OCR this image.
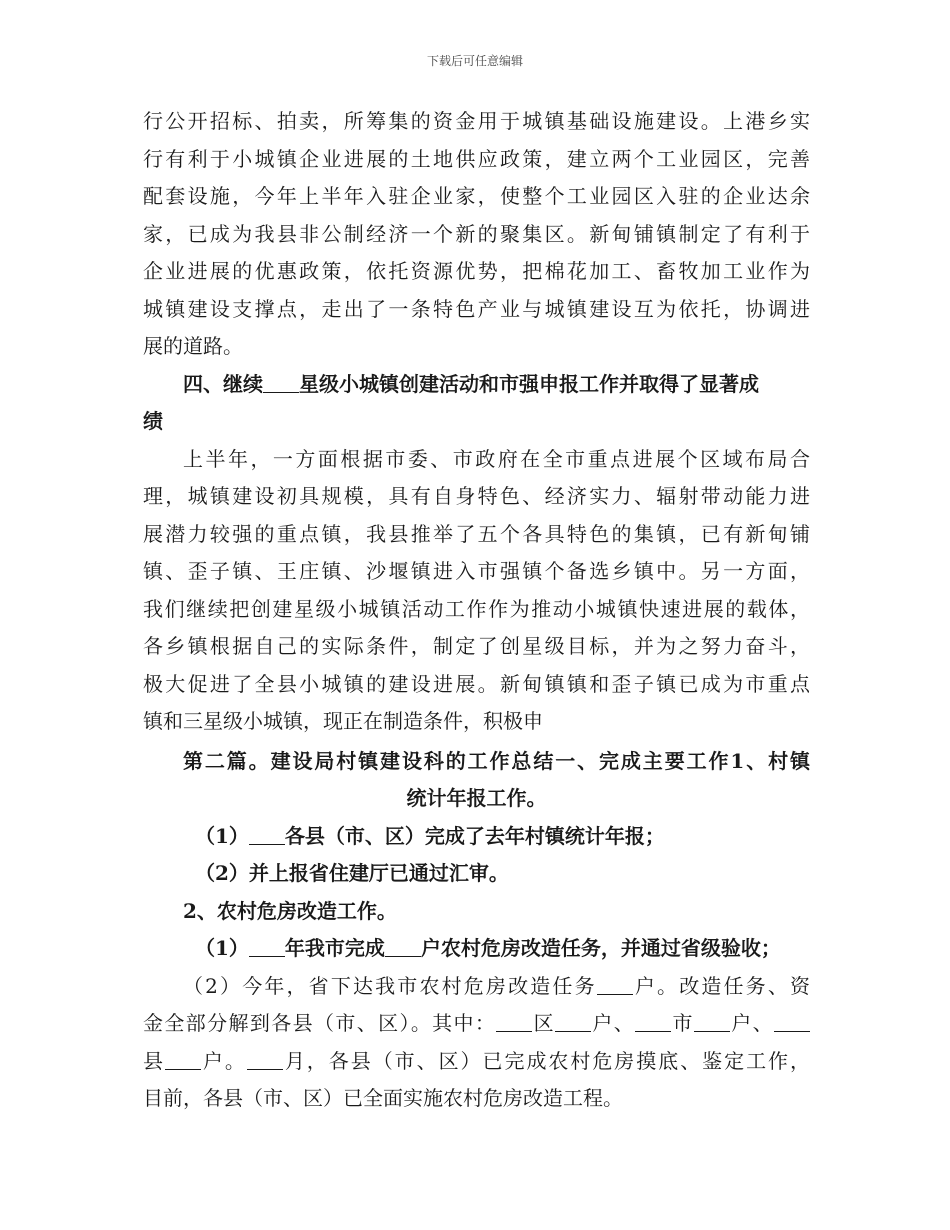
下载后可任意编辑
行公开招标、拍卖，所筹集的资金用于城镇基础设施建设。上港乡实
行有利于小城镇企业进展的土地供应政策，建立两个工业园区，完善
配套设施，今年上半年入驻企业家，使整个工业园区入驻的企业达余
家，已成为我县非公制经济一个新的聚集区。新甸铺镇制定了有利于
企业进展的优惠政策，依托资源优势，把棉花加工、畜牧加工业作为
城镇建设支撑点，走出了一条特色产业与城镇建设互为依托，协调进
展的道路。
四、继续 星级小城镇创建活动和市强申报工作并取得了显著成
绩
上半年，一方面根据市委、市政府在全市重点进展个区域布局合
理，城镇建设初具规模，具有自身特色、经济实力、辐射带动能力进
展潜力较强的重点镇，我县推举了五个各具特色的集镇，已有新甸铺
镇、歪子镇、王庄镇、沙堰镇进入市强镇个备选乡镇中。另一方面，
我们继续把创建星级小城镇活动工作作为推动小城镇快速进展的载体，
各乡镇根据自己的实际条件，制定了创星级目标，并为之努力奋斗，
极大促进了全县小城镇的建设进展。新甸镇镇和歪子镇已成为市重点
镇和三星级小城镇，现正在制造条件，积极申
第二篇。建设局村镇建设科的工作总结一、完成主要工作1、村镇
统计年报工作。
（1） 各县（市、区）完成了去年村镇统计年报；
（2）并上报省住建厅已通过汇审。
2、农村危房改造工作。
（1） 年我市完成 户农村危房改造任务，并通过省级验收；
（2）今年，省下达我市农村危房改造任务 户。改造任务、资
金全部分解到各县（市、区）。其中： 区 户、 市 户、
县 户。 月，各县（市、区）已完成农村危房摸底、鉴定工作，
目前，各县（市、区）已全面实施农村危房改造工程。
